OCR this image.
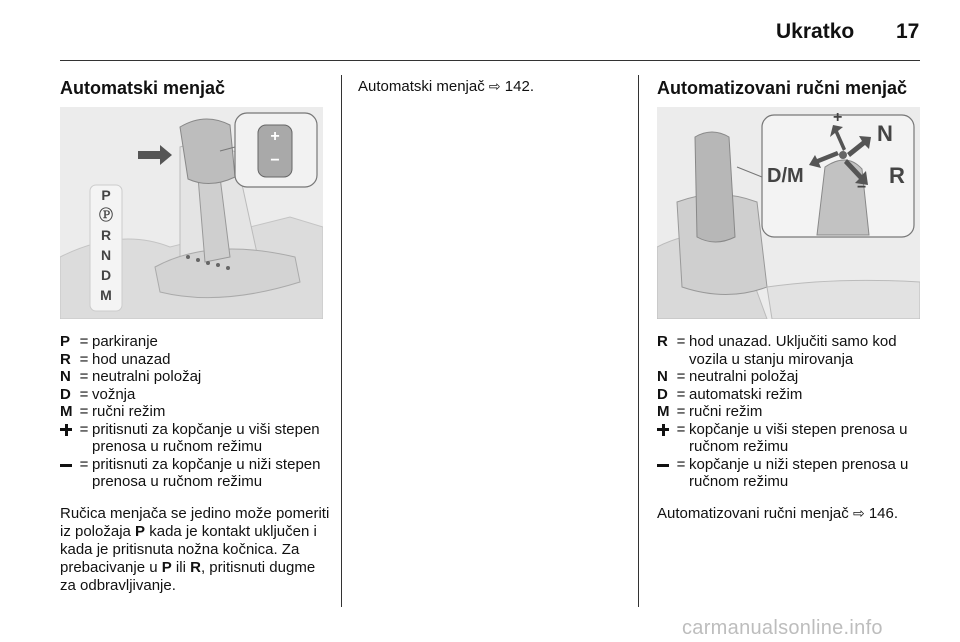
Ukratko 17
Automatski menjač
P
Ⓟ
R
N
D
M
+
−
P = parkiranje
R = hod unazad
N = neutralni položaj
D = vožnja
M = ručni režim
= pritisnuti za kopčanje u viši stepen prenosa u ručnom režimu
= pritisnuti za kopčanje u niži stepen prenosa u ručnom režimu
Ručica menjača se jedino može pomeriti iz položaja P kada je kontakt uključen i kada je pritisnuta nožna kočnica. Za prebacivanje u P ili R, pritisnuti dugme za odbravljivanje.
Automatski menjač ⇨ 142.	Automatizovani ručni menjač
D/M
N
R
+
−
R = hod unazad. Uključiti samo kod vozila u stanju mirovanja
N = neutralni položaj
D = automatski režim
M = ručni režim
= kopčanje u viši stepen prenosa u ručnom režimu
= kopčanje u niži stepen prenosa u ručnom režimu
Automatizovani ručni menjač ⇨ 146.
carmanualsonline.info
